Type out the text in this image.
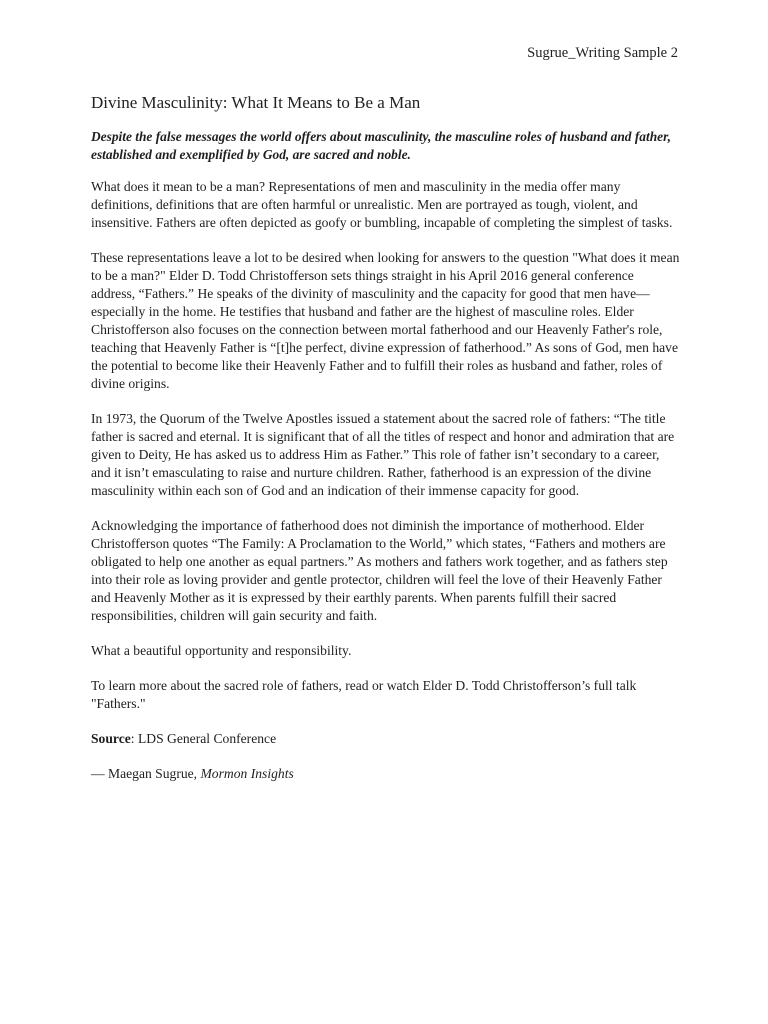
Sugrue_Writing Sample 2
Divine Masculinity: What It Means to Be a Man

Despite the false messages the world offers about masculinity, the masculine roles of husband and father, established and exemplified by God, are sacred and noble.

What does it mean to be a man? Representations of men and masculinity in the media offer many definitions, definitions that are often harmful or unrealistic. Men are portrayed as tough, violent, and insensitive. Fathers are often depicted as goofy or bumbling, incapable of completing the simplest of tasks.

These representations leave a lot to be desired when looking for answers to the question "What does it mean to be a man?" Elder D. Todd Christofferson sets things straight in his April 2016 general conference address, “Fathers.” He speaks of the divinity of masculinity and the capacity for good that men have— especially in the home. He testifies that husband and father are the highest of masculine roles. Elder Christofferson also focuses on the connection between mortal fatherhood and our Heavenly Father's role, teaching that Heavenly Father is “[t]he perfect, divine expression of fatherhood.” As sons of God, men have the potential to become like their Heavenly Father and to fulfill their roles as husband and father, roles of divine origins.

In 1973, the Quorum of the Twelve Apostles issued a statement about the sacred role of fathers: “The title father is sacred and eternal. It is significant that of all the titles of respect and honor and admiration that are given to Deity, He has asked us to address Him as Father.” This role of father isn’t secondary to a career, and it isn’t emasculating to raise and nurture children. Rather, fatherhood is an expression of the divine masculinity within each son of God and an indication of their immense capacity for good.

Acknowledging the importance of fatherhood does not diminish the importance of motherhood. Elder Christofferson quotes “The Family: A Proclamation to the World,” which states, “Fathers and mothers are obligated to help one another as equal partners.” As mothers and fathers work together, and as fathers step into their role as loving provider and gentle protector, children will feel the love of their Heavenly Father and Heavenly Mother as it is expressed by their earthly parents. When parents fulfill their sacred responsibilities, children will gain security and faith.

What a beautiful opportunity and responsibility.

To learn more about the sacred role of fathers, read or watch Elder D. Todd Christofferson’s full talk "Fathers."

Source: LDS General Conference

— Maegan Sugrue, Mormon Insights
